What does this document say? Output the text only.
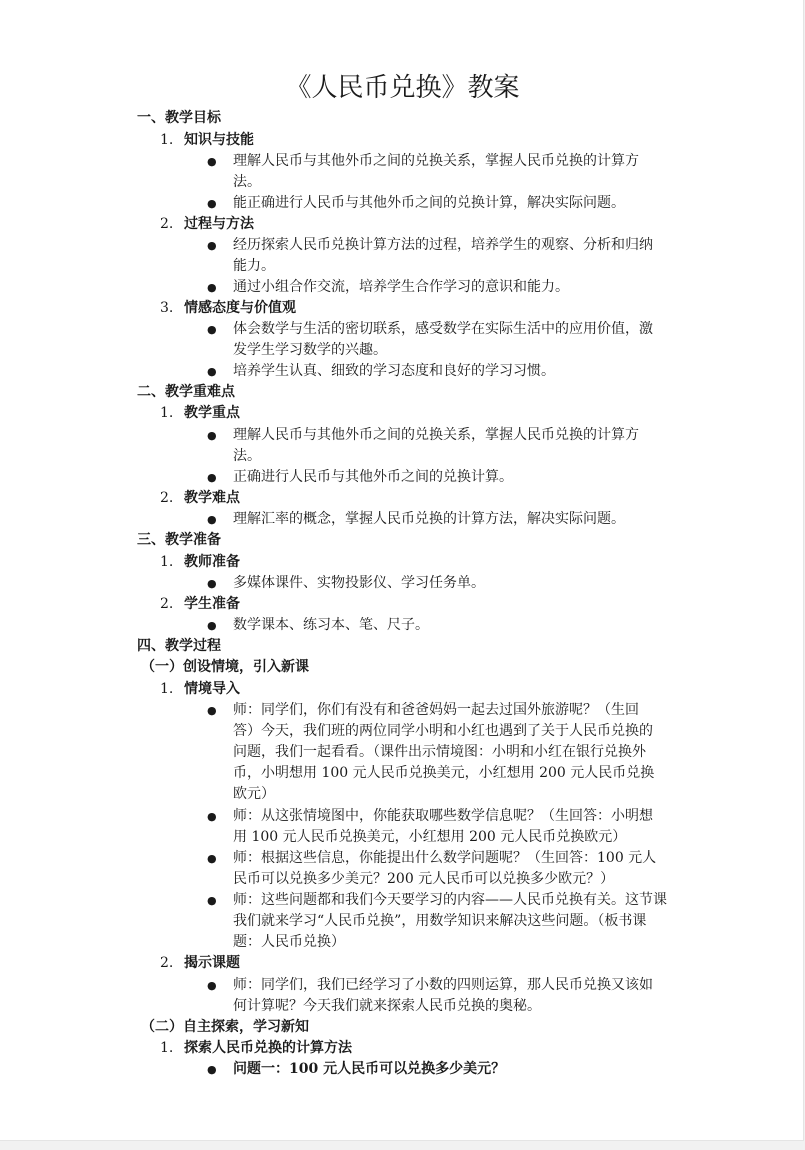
《人民币兑换》教案
一、教学目标
1. 知识与技能
● 理解人民币与其他外币之间的兑换关系，掌握人民币兑换的计算方
法。
● 能正确进行人民币与其他外币之间的兑换计算，解决实际问题。
2. 过程与方法
● 经历探索人民币兑换计算方法的过程，培养学生的观察、分析和归纳
能力。
● 通过小组合作交流，培养学生合作学习的意识和能力。
3. 情感态度与价值观
● 体会数学与生活的密切联系，感受数学在实际生活中的应用价值，激
发学生学习数学的兴趣。
● 培养学生认真、细致的学习态度和良好的学习习惯。
二、教学重难点
1. 教学重点
● 理解人民币与其他外币之间的兑换关系，掌握人民币兑换的计算方
法。
● 正确进行人民币与其他外币之间的兑换计算。
2. 教学难点
● 理解汇率的概念，掌握人民币兑换的计算方法，解决实际问题。
三、教学准备
1. 教师准备
● 多媒体课件、实物投影仪、学习任务单。
2. 学生准备
● 数学课本、练习本、笔、尺子。
四、教学过程
（一）创设情境，引入新课
1. 情境导入
● 师：同学们，你们有没有和爸爸妈妈一起去过国外旅游呢？（生回
答）今天，我们班的两位同学小明和小红也遇到了关于人民币兑换的
问题，我们一起看看。（课件出示情境图：小明和小红在银行兑换外
币，小明想用 100 元人民币兑换美元，小红想用 200 元人民币兑换
欧元）
● 师：从这张情境图中，你能获取哪些数学信息呢？（生回答：小明想
用 100 元人民币兑换美元，小红想用 200 元人民币兑换欧元）
● 师：根据这些信息，你能提出什么数学问题呢？（生回答：100 元人
民币可以兑换多少美元？200 元人民币可以兑换多少欧元？）
● 师：这些问题都和我们今天要学习的内容——人民币兑换有关。这节课
我们就来学习“人民币兑换”，用数学知识来解决这些问题。（板书课
题：人民币兑换）
2. 揭示课题
● 师：同学们，我们已经学习了小数的四则运算，那人民币兑换又该如
何计算呢？今天我们就来探索人民币兑换的奥秘。
（二）自主探索，学习新知
1. 探索人民币兑换的计算方法
● 问题一：100 元人民币可以兑换多少美元？
